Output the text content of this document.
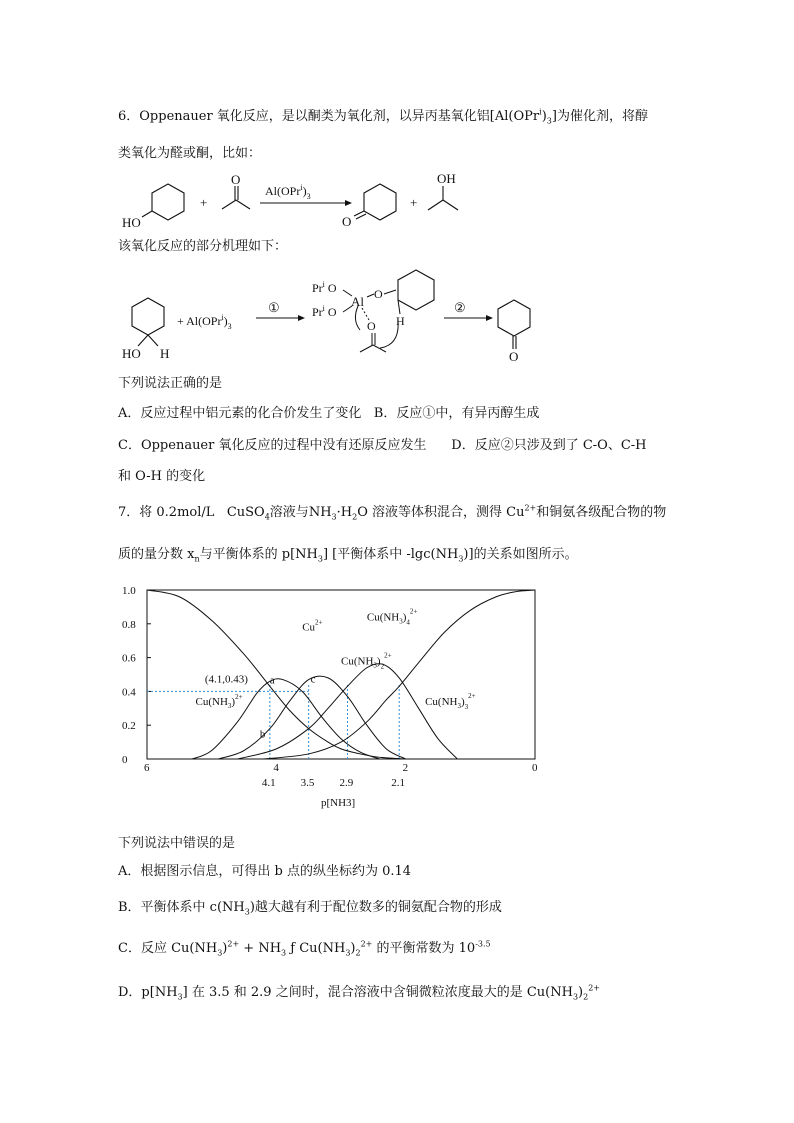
6．Oppenauer 氧化反应，是以酮类为氧化剂，以异丙基氧化铝$[Al(OPr^i)_3]$为催化剂，将醇
类氧化为醛或酮，比如：
HO
+
O
$Al(OPr^i)_3$
O
+
OH
该氧化反应的部分机理如下：
HO H
+ $Al(OPr^i)_3$
①
Pr$^i$ O
Pr$^i$ O
Al O
H
O
②
O
下列说法正确的是
A．反应过程中铝元素的化合价发生了变化 B．反应①中，有异丙醇生成
C．Oppenauer 氧化反应的过程中没有还原反应发生 D．反应②只涉及到了 C-O、C-H
和 O-H 的变化
7．将 0.2mol/L CuSO$_4$溶液与$NH_3\cdot H_2O$ 溶液等体积混合，测得 $Cu^{2+}$和铜氨各级配合物的物
质的量分数 $x_n$与平衡体系的 $p[NH_3]$ [平衡体系中 $-\lg c(NH_3)$]的关系如图所示。
1.0
0.8
0.6
0.4
0.2
0
6	4	2	0
4.1 3.5 2.9	2.1
p[NH3]
$Cu^{2+}$
$Cu(NH_3)^{2+}$
$Cu(NH_3)_2^{2+}$
$Cu(NH_3)_3^{2+}$
$Cu(NH_3)_4^{2+}$
a
(4.1,0.43)
b
c
下列说法中错误的是
A．根据图示信息，可得出 b 点的纵坐标约为 0.14
B．平衡体系中 $c(NH_3)$越大越有利于配位数多的铜氨配合物的形成
C．反应 $Cu(NH_3)^{2+} + NH_3$ ƒ $Cu(NH_3)_2^{2+}$ 的平衡常数为 $10^{-3.5}$
D．$p[NH_3]$ 在 3.5 和 2.9 之间时，混合溶液中含铜微粒浓度最大的是 $Cu(NH_3)_2^{2+}$
